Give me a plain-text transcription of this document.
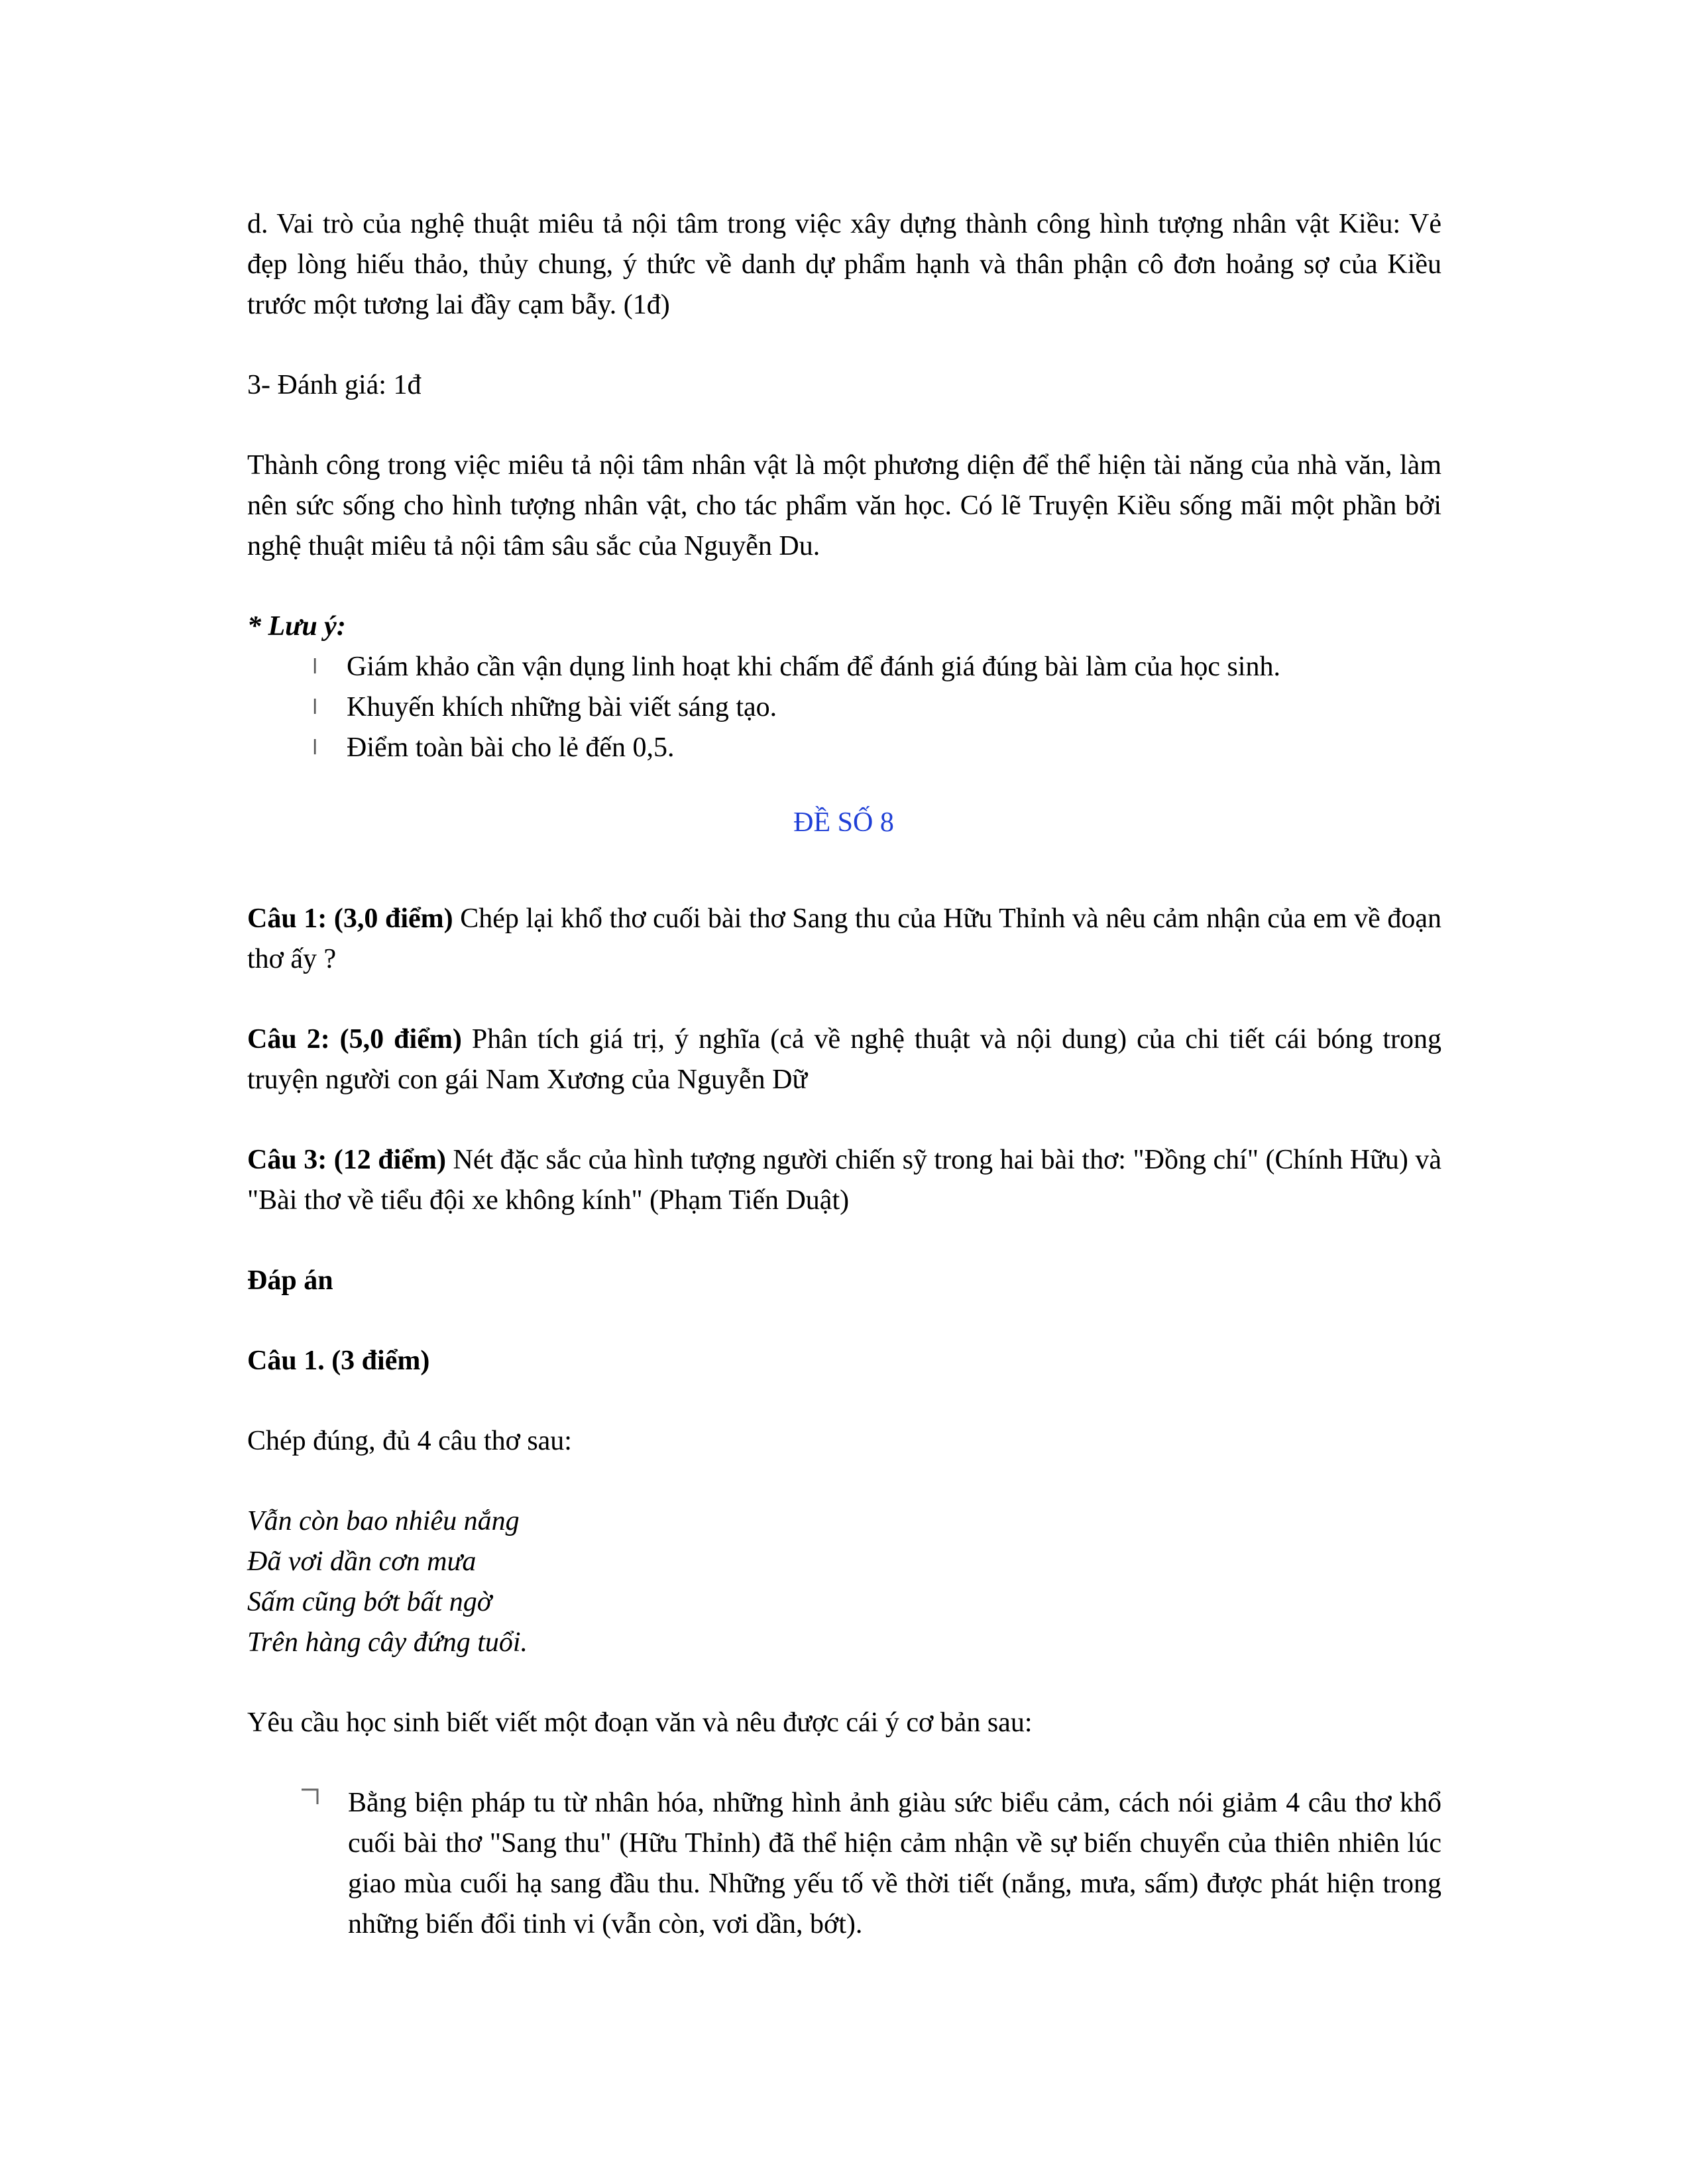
d. Vai trò của nghệ thuật miêu tả nội tâm trong việc xây dựng thành công hình tượng nhân vật Kiều: Vẻ đẹp lòng hiếu thảo, thủy chung, ý thức về danh dự phẩm hạnh và thân phận cô đơn hoảng sợ của Kiều trước một tương lai đầy cạm bẫy. (1đ)

3- Đánh giá: 1đ

Thành công trong việc miêu tả nội tâm nhân vật là một phương diện để thể hiện tài năng của nhà văn, làm nên sức sống cho hình tượng nhân vật, cho tác phẩm văn học. Có lẽ Truyện Kiều sống mãi một phần bởi nghệ thuật miêu tả nội tâm sâu sắc của Nguyễn Du.

* Lưu ý:

l Giám khảo cần vận dụng linh hoạt khi chấm để đánh giá đúng bài làm của học sinh.
l Khuyến khích những bài viết sáng tạo.
l Điểm toàn bài cho lẻ đến 0,5.

ĐỀ SỐ 8

Câu 1: (3,0 điểm) Chép lại khổ thơ cuối bài thơ Sang thu của Hữu Thỉnh và nêu cảm nhận của em về đoạn thơ ấy ?

Câu 2: (5,0 điểm) Phân tích giá trị, ý nghĩa (cả về nghệ thuật và nội dung) của chi tiết cái bóng trong truyện người con gái Nam Xương của Nguyễn Dữ

Câu 3: (12 điểm) Nét đặc sắc của hình tượng người chiến sỹ trong hai bài thơ: "Đồng chí" (Chính Hữu) và "Bài thơ về tiểu đội xe không kính" (Phạm Tiến Duật)

Đáp án

Câu 1. (3 điểm)

Chép đúng, đủ 4 câu thơ sau:

Vẫn còn bao nhiêu nắng

Đã vơi dần cơn mưa

Sấm cũng bớt bất ngờ

Trên hàng cây đứng tuổi.

Yêu cầu học sinh biết viết một đoạn văn và nêu được cái ý cơ bản sau:

Bằng biện pháp tu từ nhân hóa, những hình ảnh giàu sức biểu cảm, cách nói giảm 4 câu thơ khổ cuối bài thơ "Sang thu" (Hữu Thỉnh) đã thể hiện cảm nhận về sự biến chuyển của thiên nhiên lúc giao mùa cuối hạ sang đầu thu. Những yếu tố về thời tiết (nắng, mưa, sấm) được phát hiện trong những biến đổi tinh vi (vẫn còn, vơi dần, bớt).
